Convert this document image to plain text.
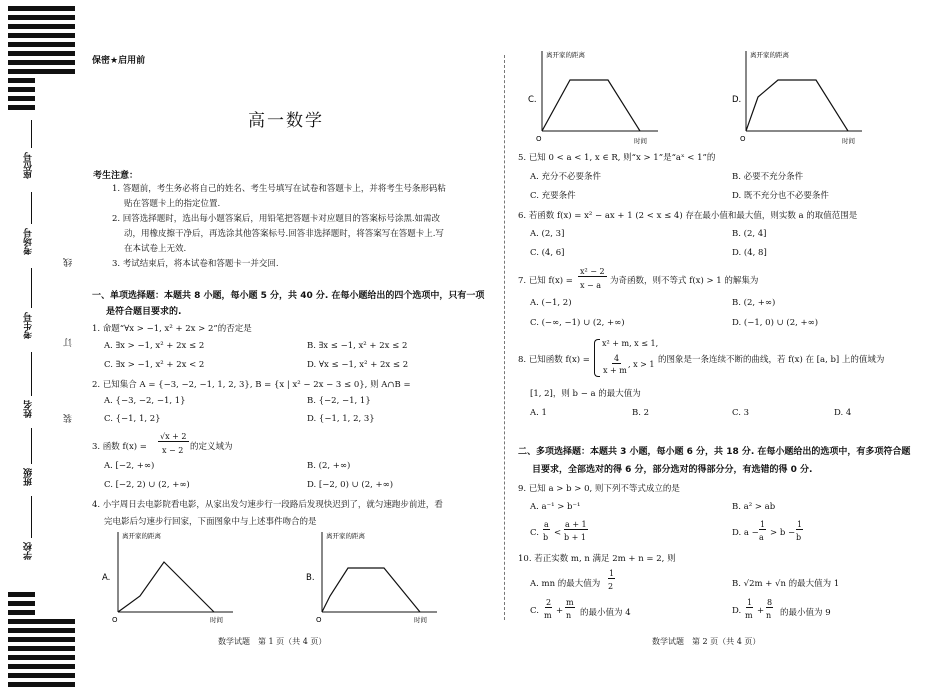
座位号
考场号
考生号
姓名
班级
学校
线
订
装
保密★启用前
高一数学
考生注意：
1. 答题前，考生务必将自己的姓名、考生号填写在试卷和答题卡上，并将考生号条形码粘
贴在答题卡上的指定位置.
2. 回答选择题时，选出每小题答案后，用铅笔把答题卡对应题目的答案标号涂黑.如需改
动，用橡皮擦干净后，再选涂其他答案标号.回答非选择题时，将答案写在答题卡上.写
在本试卷上无效.
3. 考试结束后，将本试卷和答题卡一并交回.
一、单项选择题：本题共 8 小题，每小题 5 分，共 40 分. 在每小题给出的四个选项中，只有一项
是符合题目要求的.
1. 命题“∀x > −1, x² + 2x > 2”的否定是
A. ∃x > −1, x² + 2x ≤ 2	B. ∃x ≤ −1, x² + 2x ≤ 2
C. ∃x > −1, x² + 2x < 2	D. ∀x ≤ −1, x² + 2x ≤ 2
2. 已知集合 A = {−3, −2, −1, 1, 2, 3}, B = {x | x² − 2x − 3 ≤ 0}, 则 A∩B =
A. {−3, −2, −1, 1}	B. {−2, −1, 1}
C. {−1, 1, 2}	D. {−1, 1, 2, 3}
3. 函数 f(x) =
√x + 2
x − 2 的定义域为
A. [−2, +∞)	B. (2, +∞)
C. [−2, 2) ∪ (2, +∞)	D. [−2, 0) ∪ (2, +∞)
4. 小宇周日去电影院看电影，从家出发匀速步行一段路后发现快迟到了，就匀速跑步前进，看
完电影后匀速步行回家，下面图象中与上述事件吻合的是
离开家的距离
时间
O
A.
离开家的距离
时间
O
B.
数学试题　第 1 页（共 4 页）
离开家的距离
时间
O
C.
离开家的距离
时间
O
D.
5. 已知 0 < a < 1, x ∈ R, 则“x > 1”是“aˣ < 1”的
A. 充分不必要条件	B. 必要不充分条件
C. 充要条件	D. 既不充分也不必要条件
6. 若函数 f(x) = x² − ax + 1 (2 < x ≤ 4) 存在最小值和最大值，则实数 a 的取值范围是
A. (2, 3]	B. (2, 4]
C. (4, 6]	D. (4, 8]
7. 已知 f(x) =
x² − 2
x − a 为奇函数，则不等式 f(x) > 1 的解集为
A. (−1, 2)	B. (2, +∞)
C. (−∞, −1) ∪ (2, +∞)	D. (−1, 0) ∪ (2, +∞)
8. 已知函数 f(x) =
x² + m, x ≤ 1,
4
x + m
, x > 1 的图象是一条连续不断的曲线，若 f(x) 在 [a, b] 上的值域为
[1, 2]，则 b − a 的最大值为
A. 1	B. 2	C. 3	D. 4
二、多项选择题：本题共 3 小题，每小题 6 分，共 18 分. 在每小题给出的选项中，有多项符合题
目要求，全部选对的得 6 分，部分选对的得部分分，有选错的得 0 分.
9. 已知 a > b > 0, 则下列不等式成立的是
A. a⁻¹ > b⁻¹	B. a² > ab
C.
a
b <
a + 1
b + 1	D. a −
1
a > b −
1
b
10. 若正实数 m, n 满足 2m + n = 2, 则
A. mn 的最大值为
1
2	B. √2m + √n 的最大值为 1
C.
2
m +
m
n 的最小值为 4	D.
1
m +
8
n 的最小值为 9
数学试题　第 2 页（共 4 页）
